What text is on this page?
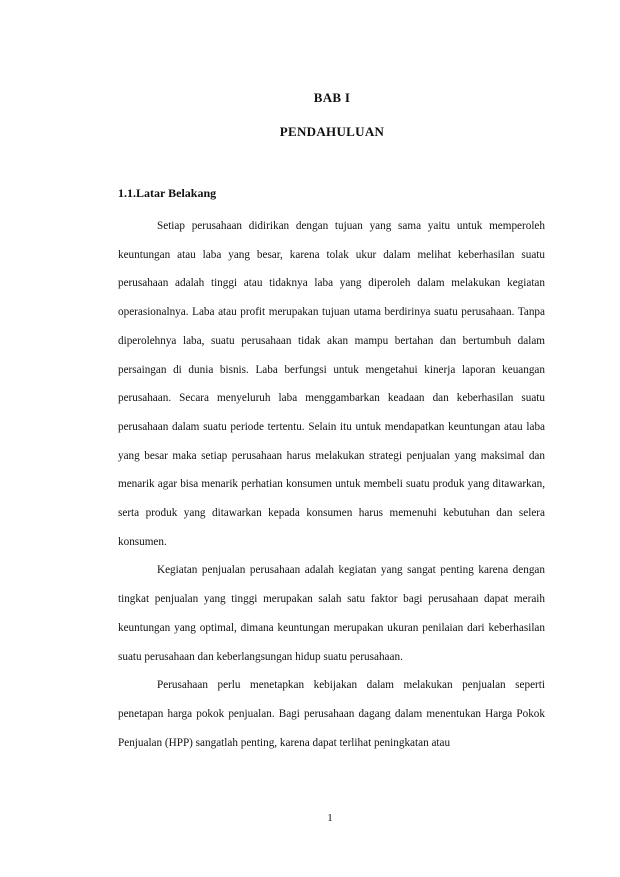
BAB I
PENDAHULUAN
1.1.Latar Belakang

Setiap perusahaan didirikan dengan tujuan yang sama yaitu untuk memperoleh keuntungan atau laba yang besar, karena tolak ukur dalam melihat keberhasilan suatu perusahaan adalah tinggi atau tidaknya laba yang diperoleh dalam melakukan kegiatan operasionalnya. Laba atau profit merupakan tujuan utama berdirinya suatu perusahaan. Tanpa diperolehnya laba, suatu perusahaan tidak akan mampu bertahan dan bertumbuh dalam persaingan di dunia bisnis. Laba berfungsi untuk mengetahui kinerja laporan keuangan perusahaan. Secara menyeluruh laba menggambarkan keadaan dan keberhasilan suatu perusahaan dalam suatu periode tertentu. Selain itu untuk mendapatkan keuntungan atau laba yang besar maka setiap perusahaan harus melakukan strategi penjualan yang maksimal dan menarik agar bisa menarik perhatian konsumen untuk membeli suatu produk yang ditawarkan, serta produk yang ditawarkan kepada konsumen harus memenuhi kebutuhan dan selera konsumen.

Kegiatan penjualan perusahaan adalah kegiatan yang sangat penting karena dengan tingkat penjualan yang tinggi merupakan salah satu faktor bagi perusahaan dapat meraih keuntungan yang optimal, dimana keuntungan merupakan ukuran penilaian dari keberhasilan suatu perusahaan dan keberlangsungan hidup suatu perusahaan.

Perusahaan perlu menetapkan kebijakan dalam melakukan penjualan seperti penetapan harga pokok penjualan. Bagi perusahaan dagang dalam menentukan Harga Pokok Penjualan (HPP) sangatlah penting, karena dapat terlihat peningkatan atau

1
